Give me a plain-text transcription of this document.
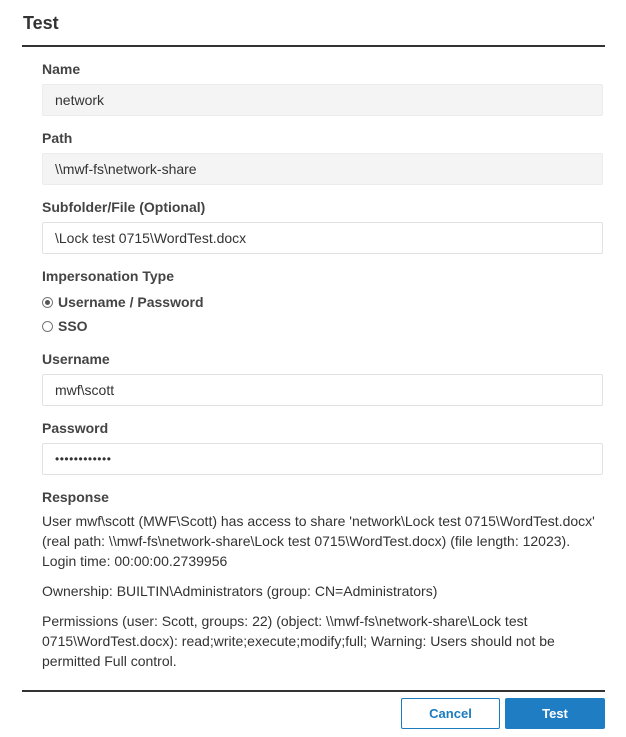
Test
Name
network
Path
\\mwf-fs\network-share
Subfolder/File (Optional)
\Lock test 0715\WordTest.docx
Impersonation Type
Username / Password
SSO
Username
mwf\scott
Password
••••••••••••
Response
User mwf\scott (MWF\Scott) has access to share 'network\Lock test 0715\WordTest.docx' (real path: \\mwf-fs\network-share\Lock test 0715\WordTest.docx) (file length: 12023). Login time: 00:00:00.2739956
Ownership: BUILTIN\Administrators (group: CN=Administrators)
Permissions (user: Scott, groups: 22) (object: \\mwf-fs\network-share\Lock test 0715\WordTest.docx): read;write;execute;modify;full; Warning: Users should not be permitted Full control.
Cancel	Test
